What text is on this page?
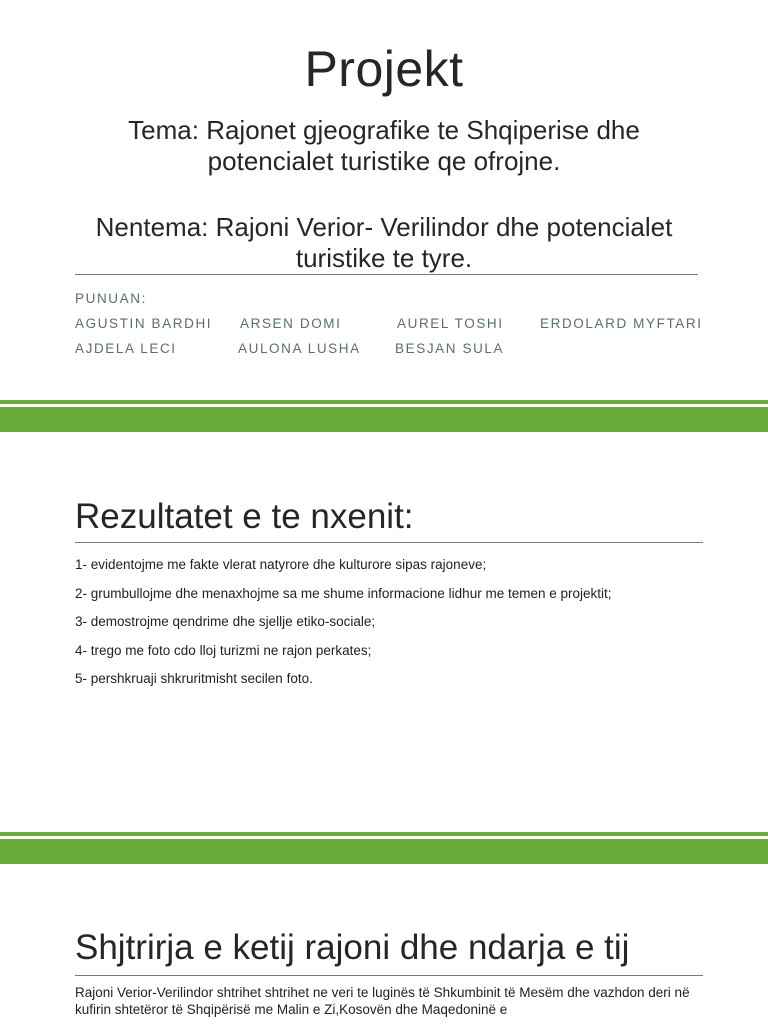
Projekt
Tema: Rajonet gjeografike te Shqiperise dhe potencialet turistike qe ofrojne.
Nentema: Rajoni Verior- Verilindor dhe potencialet turistike te tyre.
PUNUAN:
AGUSTIN BARDHI ARSEN DOMI	AUREL TOSHI	ERDOLARD MYFTARI
AJDELA LECI	AULONA LUSHA	BESJAN SULA
Rezultatet e te nxenit:
1- evidentojme me fakte vlerat natyrore dhe kulturore sipas rajoneve;
2- grumbullojme dhe menaxhojme sa me shume informacione lidhur me temen e projektit;
3- demostrojme qendrime dhe sjellje etiko-sociale;
4- trego me foto cdo lloj turizmi ne rajon perkates;
5- pershkruaji shkruritmisht secilen foto.
Shjtrirja e ketij rajoni dhe ndarja e tij
Rajoni Verior-Verilindor shtrihet shtrihet ne veri te luginës të Shkumbinit të Mesëm dhe vazhdon deri në kufirin shtetëror të Shqipërisë me Malin e Zi,Kosovën dhe Maqedoninë e
